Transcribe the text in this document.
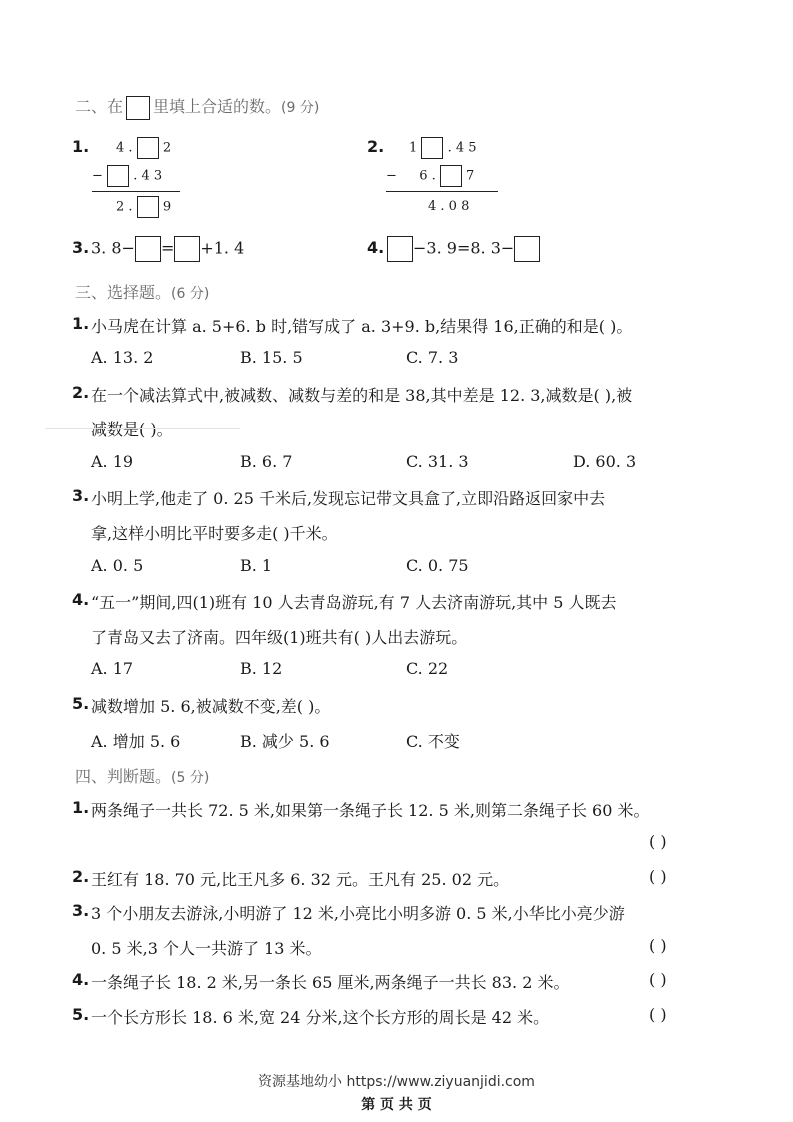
二、在 里填上合适的数。(9 分)
1. 4 . 2
− . 4 3
2 . 9
2. 1 . 4 5
− 6 . 7
4 . 0 8
3. 3. 8− = +1. 4	4.	−3. 9=8. 3−
三、选择题。(6 分)
1. 小马虎在计算 a. 5+6. b 时,错写成了 a. 3+9. b,结果得 16,正确的和是( )。
A. 13. 2	B. 15. 5	C. 7. 3
2. 在一个减法算式中,被减数、减数与差的和是 38,其中差是 12. 3,减数是( ),被
减数是( )。
A. 19	B. 6. 7	C. 31. 3	D. 60. 3
3. 小明上学,他走了 0. 25 千米后,发现忘记带文具盒了,立即沿路返回家中去
拿,这样小明比平时要多走( )千米。
A. 0. 5	B. 1	C. 0. 75
4. “五一”期间,四(1)班有 10 人去青岛游玩,有 7 人去济南游玩,其中 5 人既去
了青岛又去了济南。四年级(1)班共有( )人出去游玩。
A. 17	B. 12	C. 22
5. 减数增加 5. 6,被减数不变,差( )。
A. 增加 5. 6	B. 减少 5. 6	C. 不变
四、判断题。(5 分)
1. 两条绳子一共长 72. 5 米,如果第一条绳子长 12. 5 米,则第二条绳子长 60 米。
( )
2. 王红有 18. 70 元,比王凡多 6. 32 元。王凡有 25. 02 元。	( )
3. 3 个小朋友去游泳,小明游了 12 米,小亮比小明多游 0. 5 米,小华比小亮少游
0. 5 米,3 个人一共游了 13 米。	( )
4. 一条绳子长 18. 2 米,另一条长 65 厘米,两条绳子一共长 83. 2 米。	( )
5. 一个长方形长 18. 6 米,宽 24 分米,这个长方形的周长是 42 米。	( )
资源基地幼小 https://www.ziyuanjidi.com
第 页 共 页
